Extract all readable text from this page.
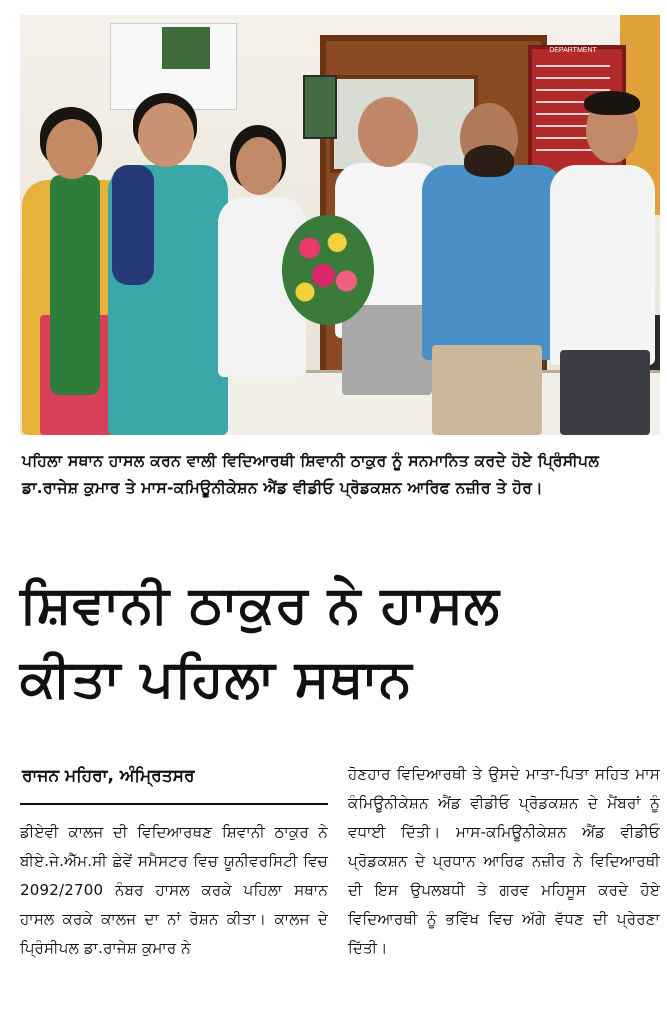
DEPARTMENT
ਪਹਿਲਾ ਸਥਾਨ ਹਾਸਲ ਕਰਨ ਵਾਲੀ ਵਿਦਿਆਰਥੀ ਸ਼ਿਵਾਨੀ ਠਾਕੁਰ ਨੂੰ ਸਨਮਾਨਿਤ ਕਰਦੇ ਹੋਏ ਪ੍ਰਿੰਸੀਪਲ ਡਾ.ਰਾਜੇਸ਼ ਕੁਮਾਰ ਤੇ ਮਾਸ-ਕਮਿਊਨੀਕੇਸ਼ਨ ਐਂਡ ਵੀਡੀਓ ਪ੍ਰੋਡਕਸ਼ਨ ਆਰਿਫ ਨਜ਼ੀਰ ਤੇ ਹੋਰ।
ਸ਼ਿਵਾਨੀ ਠਾਕੁਰ ਨੇ ਹਾਸਲ
ਕੀਤਾ ਪਹਿਲਾ ਸਥਾਨ
ਰਾਜਨ ਮਹਿਰਾ, ਅੰਮ੍ਰਿਤਸਰ
ਡੀਏਵੀ ਕਾਲਜ ਦੀ ਵਿਦਿਆਰਥਣ ਸ਼ਿਵਾਨੀ ਠਾਕੁਰ ਨੇ ਬੀਏ.ਜੇ.ਐੱਮ.ਸੀ ਛੇਵੇਂ ਸਮੈਸਟਰ ਵਿਚ ਯੂਨੀਵਰਸਿਟੀ ਵਿਚ 2092/2700 ਨੰਬਰ ਹਾਸਲ ਕਰਕੇ ਪਹਿਲਾ ਸਥਾਨ ਹਾਸਲ ਕਰਕੇ ਕਾਲਜ ਦਾ ਨਾਂ ਰੋਸ਼ਨ ਕੀਤਾ। ਕਾਲਜ ਦੇ ਪ੍ਰਿੰਸੀਪਲ ਡਾ.ਰਾਜੇਸ਼ ਕੁਮਾਰ ਨੇ
ਹੋਣਹਾਰ ਵਿਦਿਆਰਥੀ ਤੇ ਉਸਦੇ ਮਾਤਾ-ਪਿਤਾ ਸਹਿਤ ਮਾਸ ਕੰਮਿਊਨੀਕੇਸ਼ਨ ਐਂਡ ਵੀਡੀਓ ਪ੍ਰੋਡਕਸ਼ਨ ਦੇ ਮੈਂਬਰਾਂ ਨੂੰ ਵਧਾਈ ਦਿੱਤੀ। ਮਾਸ-ਕਮਿਊਨੀਕੇਸ਼ਨ ਐਂਡ ਵੀਡੀਓ ਪ੍ਰੋਡਕਸ਼ਨ ਦੇ ਪ੍ਰਧਾਨ ਆਰਿਫ ਨਜ਼ੀਰ ਨੇ ਵਿਦਿਆਰਥੀ ਦੀ ਇਸ ਉਪਲਬਧੀ ਤੇ ਗਰਵ ਮਹਿਸੂਸ ਕਰਦੇ ਹੋਏ ਵਿਦਿਆਰਥੀ ਨੂੰ ਭਵਿੱਖ ਵਿਚ ਅੱਗੇ ਵੱਧਣ ਦੀ ਪ੍ਰੇਰਣਾ ਦਿੱਤੀ।
